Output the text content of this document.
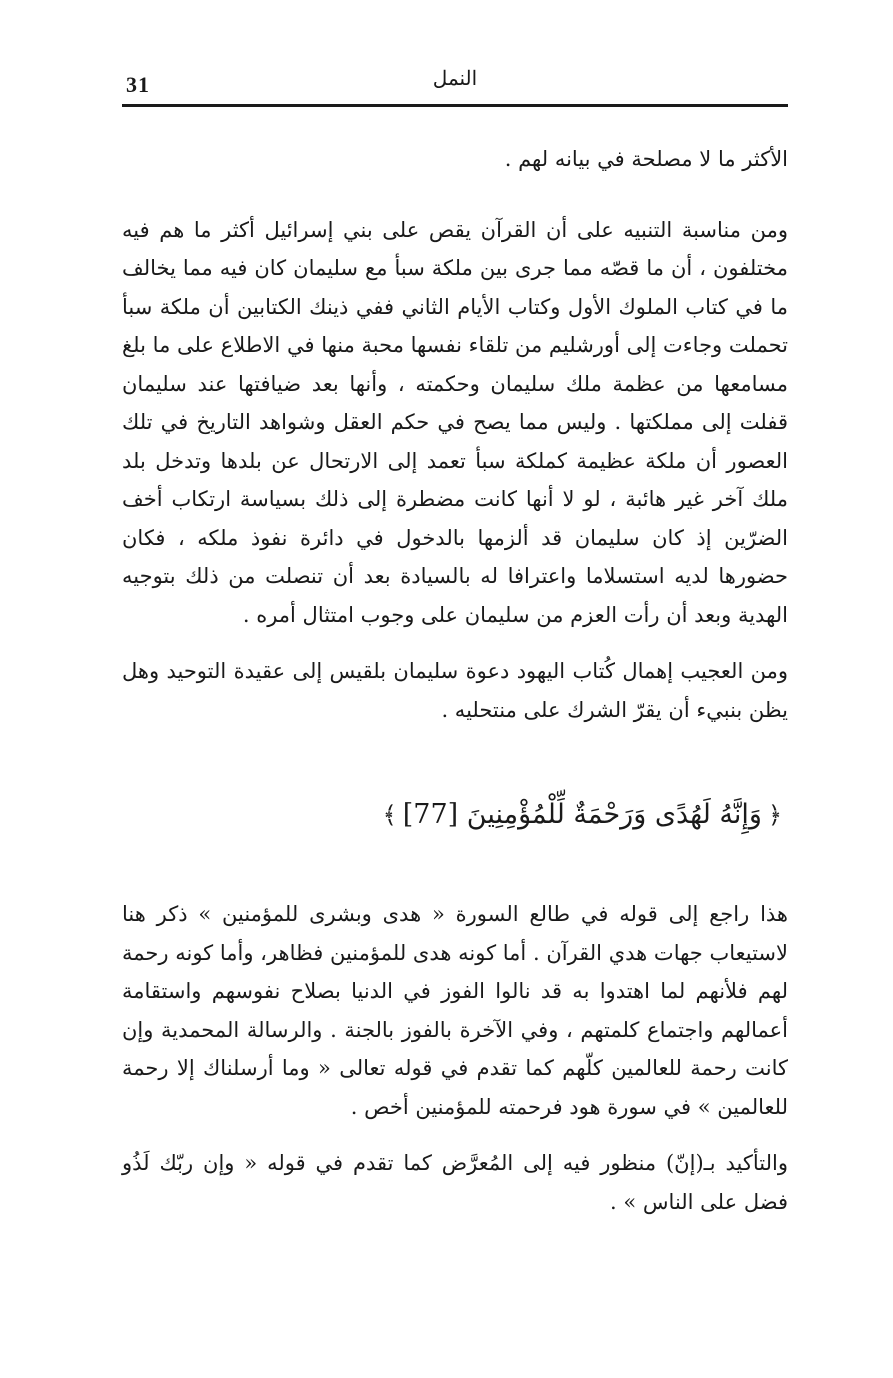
31	النمل

الأكثر ما لا مصلحة في بيانه لهم .

ومن مناسبة التنبيه على أن القرآن يقص على بني إسرائيل أكثر ما هم فيه مختلفون ، أن ما قصّه مما جرى بين ملكة سبأ مع سليمان كان فيه مما يخالف ما في كتاب الملوك الأول وكتاب الأيام الثاني ففي ذينك الكتابين أن ملكة سبأ تحملت وجاءت إلى أورشليم من تلقاء نفسها محبة منها في الاطلاع على ما بلغ مسامعها من عظمة ملك سليمان وحكمته ، وأنها بعد ضيافتها عند سليمان قفلت إلى مملكتها . وليس مما يصح في حكم العقل وشواهد التاريخ في تلك العصور أن ملكة عظيمة كملكة سبأ تعمد إلى الارتحال عن بلدها وتدخل بلد ملك آخر غير هائبة ، لو لا أنها كانت مضطرة إلى ذلك بسياسة ارتكاب أخف الضرّين إذ كان سليمان قد ألزمها بالدخول في دائرة نفوذ ملكه ، فكان حضورها لديه استسلاما واعترافا له بالسيادة بعد أن تنصلت من ذلك بتوجيه الهدية وبعد أن رأت العزم من سليمان على وجوب امتثال أمره .

ومن العجيب إهمال كُتاب اليهود دعوة سليمان بلقيس إلى عقيدة التوحيد وهل يظن بنبيء أن يقرّ الشرك على منتحليه .

﴿وَإِنَّهُ لَهُدًى وَرَحْمَةٌ لِّلْمُؤْمِنِينَ [77]﴾

هذا راجع إلى قوله في طالع السورة « هدى وبشرى للمؤمنين » ذكر هنا لاستيعاب جهات هدي القرآن . أما كونه هدى للمؤمنين فظاهر، وأما كونه رحمة لهم فلأنهم لما اهتدوا به قد نالوا الفوز في الدنيا بصلاح نفوسهم واستقامة أعمالهم واجتماع كلمتهم ، وفي الآخرة بالفوز بالجنة . والرسالة المحمدية وإن كانت رحمة للعالمين كلّهم كما تقدم في قوله تعالى « وما أرسلناك إلا رحمة للعالمين » في سورة هود فرحمته للمؤمنين أخص .

والتأكيد بـ(إنّ) منظور فيه إلى المُعرَّض كما تقدم في قوله « وإن ربّك لَذُو فضل على الناس » .
